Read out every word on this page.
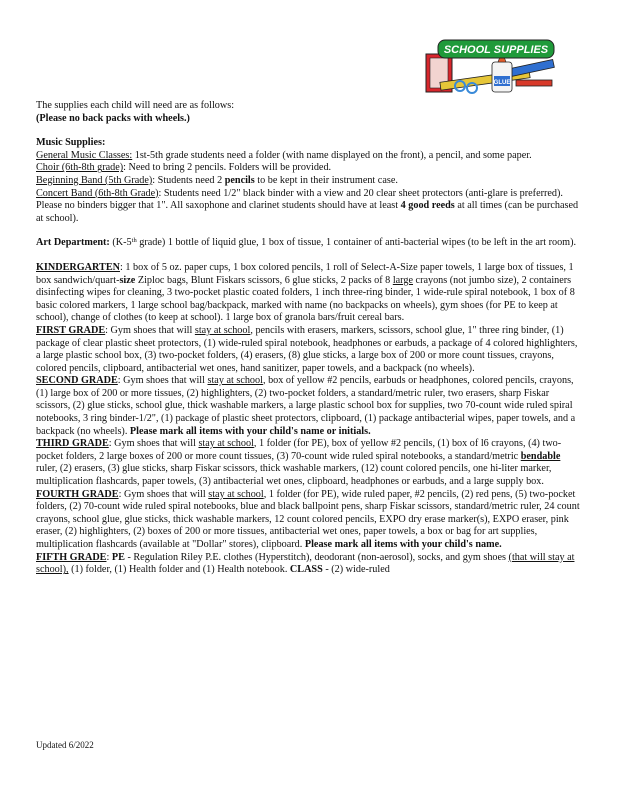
GLUE
SCHOOL SUPPLIES

The supplies each child will need are as follows:

(Please no back packs with wheels.)

Music Supplies:

General Music Classes: 1st-5th grade students need a folder (with name displayed on the front), a pencil, and some paper.

Choir (6th-8th grade): Need to bring 2 pencils. Folders will be provided.

Beginning Band (5th Grade): Students need 2 pencils to be kept in their instrument case.

Concert Band (6th-8th Grade): Students need 1/2" black binder with a view and 20 clear sheet protectors (anti-glare is preferred). Please no binders bigger that 1". All saxophone and clarinet students should have at least 4 good reeds at all times (can be purchased at school).

Art Department: (K-5th grade) 1 bottle of liquid glue, 1 box of tissue, 1 container of anti-bacterial wipes (to be left in the art room).

KINDERGARTEN: 1 box of 5 oz. paper cups, 1 box colored pencils, 1 roll of Select-A-Size paper towels, 1 large box of tissues, 1 box sandwich/quart-size Ziploc bags, Blunt Fiskars scissors, 6 glue sticks, 2 packs of 8 large crayons (not jumbo size), 2 containers disinfecting wipes for cleaning, 3 two-pocket plastic coated folders, 1 inch three-ring binder, 1 wide-rule spiral notebook, 1 box of 8 basic colored markers, 1 large school bag/backpack, marked with name (no backpacks on wheels), gym shoes (for PE to keep at school), change of clothes (to keep at school). 1 large box of granola bars/fruit cereal bars.

FIRST GRADE: Gym shoes that will stay at school, pencils with erasers, markers, scissors, school glue, 1" three ring binder, (1) package of clear plastic sheet protectors, (1) wide-ruled spiral notebook, headphones or earbuds, a package of 4 colored highlighters, a large plastic school box, (3) two-pocket folders, (4) erasers, (8) glue sticks, a large box of 200 or more count tissues, crayons, colored pencils, clipboard, antibacterial wet ones, hand sanitizer, paper towels, and a backpack (no wheels).

SECOND GRADE: Gym shoes that will stay at school, box of yellow #2 pencils, earbuds or headphones, colored pencils, crayons, (1) large box of 200 or more tissues, (2) highlighters, (2) two-pocket folders, a standard/metric ruler, two erasers, sharp Fiskar scissors, (2) glue sticks, school glue, thick washable markers, a large plastic school box for supplies, two 70-count wide ruled spiral notebooks, 3 ring binder-1/2", (1) package of plastic sheet protectors, clipboard, (1) package antibacterial wipes, paper towels, and a backpack (no wheels). Please mark all items with your child's name or initials.

THIRD GRADE: Gym shoes that will stay at school, 1 folder (for PE), box of yellow #2 pencils, (1) box of l6 crayons, (4) two-pocket folders, 2 large boxes of 200 or more count tissues, (3) 70-count wide ruled spiral notebooks, a standard/metric bendable ruler, (2) erasers, (3) glue sticks, sharp Fiskar scissors, thick washable markers, (12) count colored pencils, one hi-liter marker, multiplication flashcards, paper towels, (3) antibacterial wet ones, clipboard, headphones or earbuds, and a large supply box.

FOURTH GRADE: Gym shoes that will stay at school, 1 folder (for PE), wide ruled paper, #2 pencils, (2) red pens, (5) two-pocket folders, (2) 70-count wide ruled spiral notebooks, blue and black ballpoint pens, sharp Fiskar scissors, standard/metric ruler, 24 count crayons, school glue, glue sticks, thick washable markers, 12 count colored pencils, EXPO dry erase marker(s), EXPO eraser, pink eraser, (2) highlighters, (2) boxes of 200 or more tissues, antibacterial wet ones, paper towels, a box or bag for art supplies, multiplication flashcards (available at "Dollar" stores), clipboard. Please mark all items with your child's name.

FIFTH GRADE: PE - Regulation Riley P.E. clothes (Hyperstitch), deodorant (non-aerosol), socks, and gym shoes (that will stay at school), (1) folder, (1) Health folder and (1) Health notebook. CLASS - (2) wide-ruled

Updated 6/2022
